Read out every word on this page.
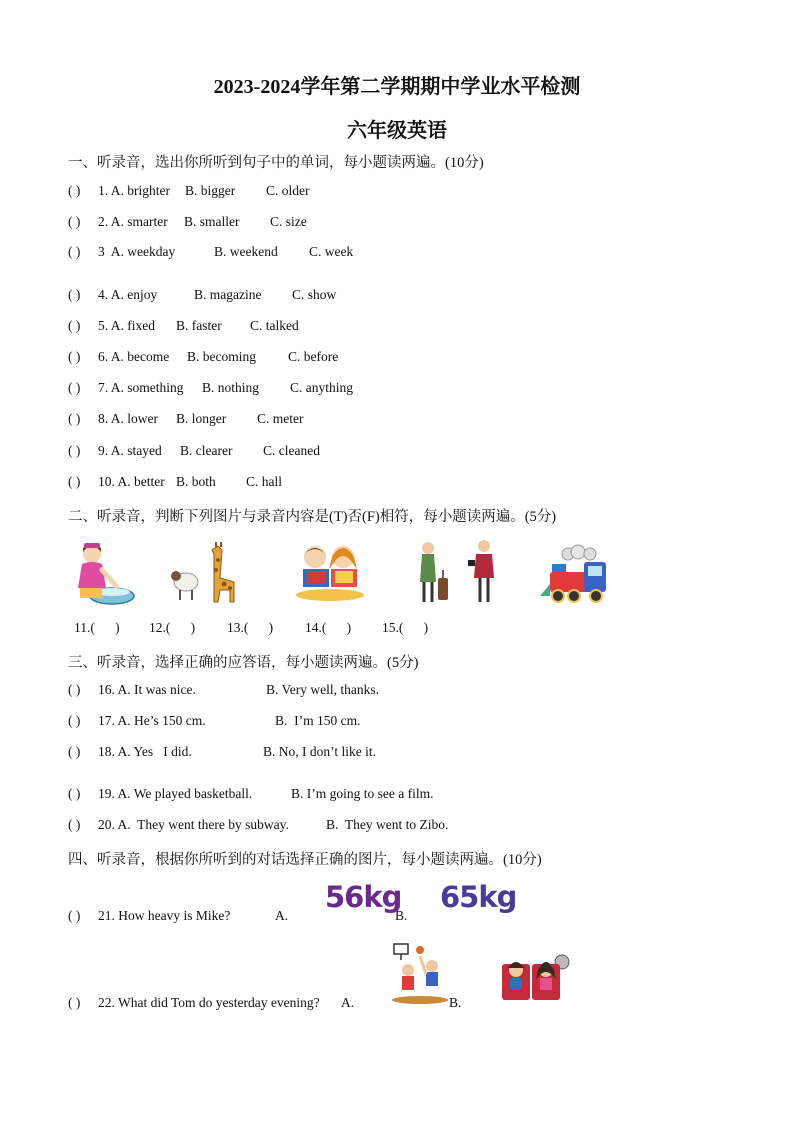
2023-2024学年第二学期期中学业水平检测
六年级英语
一、听录音，选出你所听到句子中的单词，每小题读两遍。(10分)
( ) 1. A. brighter B. bigger C. older
( ) 2. A. smarter B. smaller C. size
( ) 3  A. weekday	B. weekend C. week
( ) 4. A. enjoy	B. magazine C. show
( ) 5. A. fixed B. faster C. talked
( ) 6. A. become B. becoming C. before
( ) 7. A. something B. nothing C. anything
( ) 8. A. lower B. longer C. meter
( ) 9. A. stayed B. clearer C. cleaned
( ) 10. A. better B. both C. hall
二、听录音，判断下列图片与录音内容是(T)否(F)相符，每小题读两遍。(5分)
11.(      ) 12.(      ) 13.(      ) 14.(      ) 15.(      )
三、听录音，选择正确的应答语，每小题读两遍。(5分)
( ) 16. A. It was nice.	B. Very well, thanks.
( ) 17. A. He’s 150 cm.	B.  I’m 150 cm.
( ) 18. A. Yes   I did.	B. No, I don’t like it.
( ) 19. A. We played basketball.	B. I’m going to see a film.
( ) 20. A.  They went there by subway.	B.  They went to Zibo.
四、听录音，根据你所听到的对话选择正确的图片，每小题读两遍。(10分)
( ) 21. How heavy is Mike?	A.	B.
56kg 65kg
( ) 22. What did Tom do yesterday evening? A.	B.
